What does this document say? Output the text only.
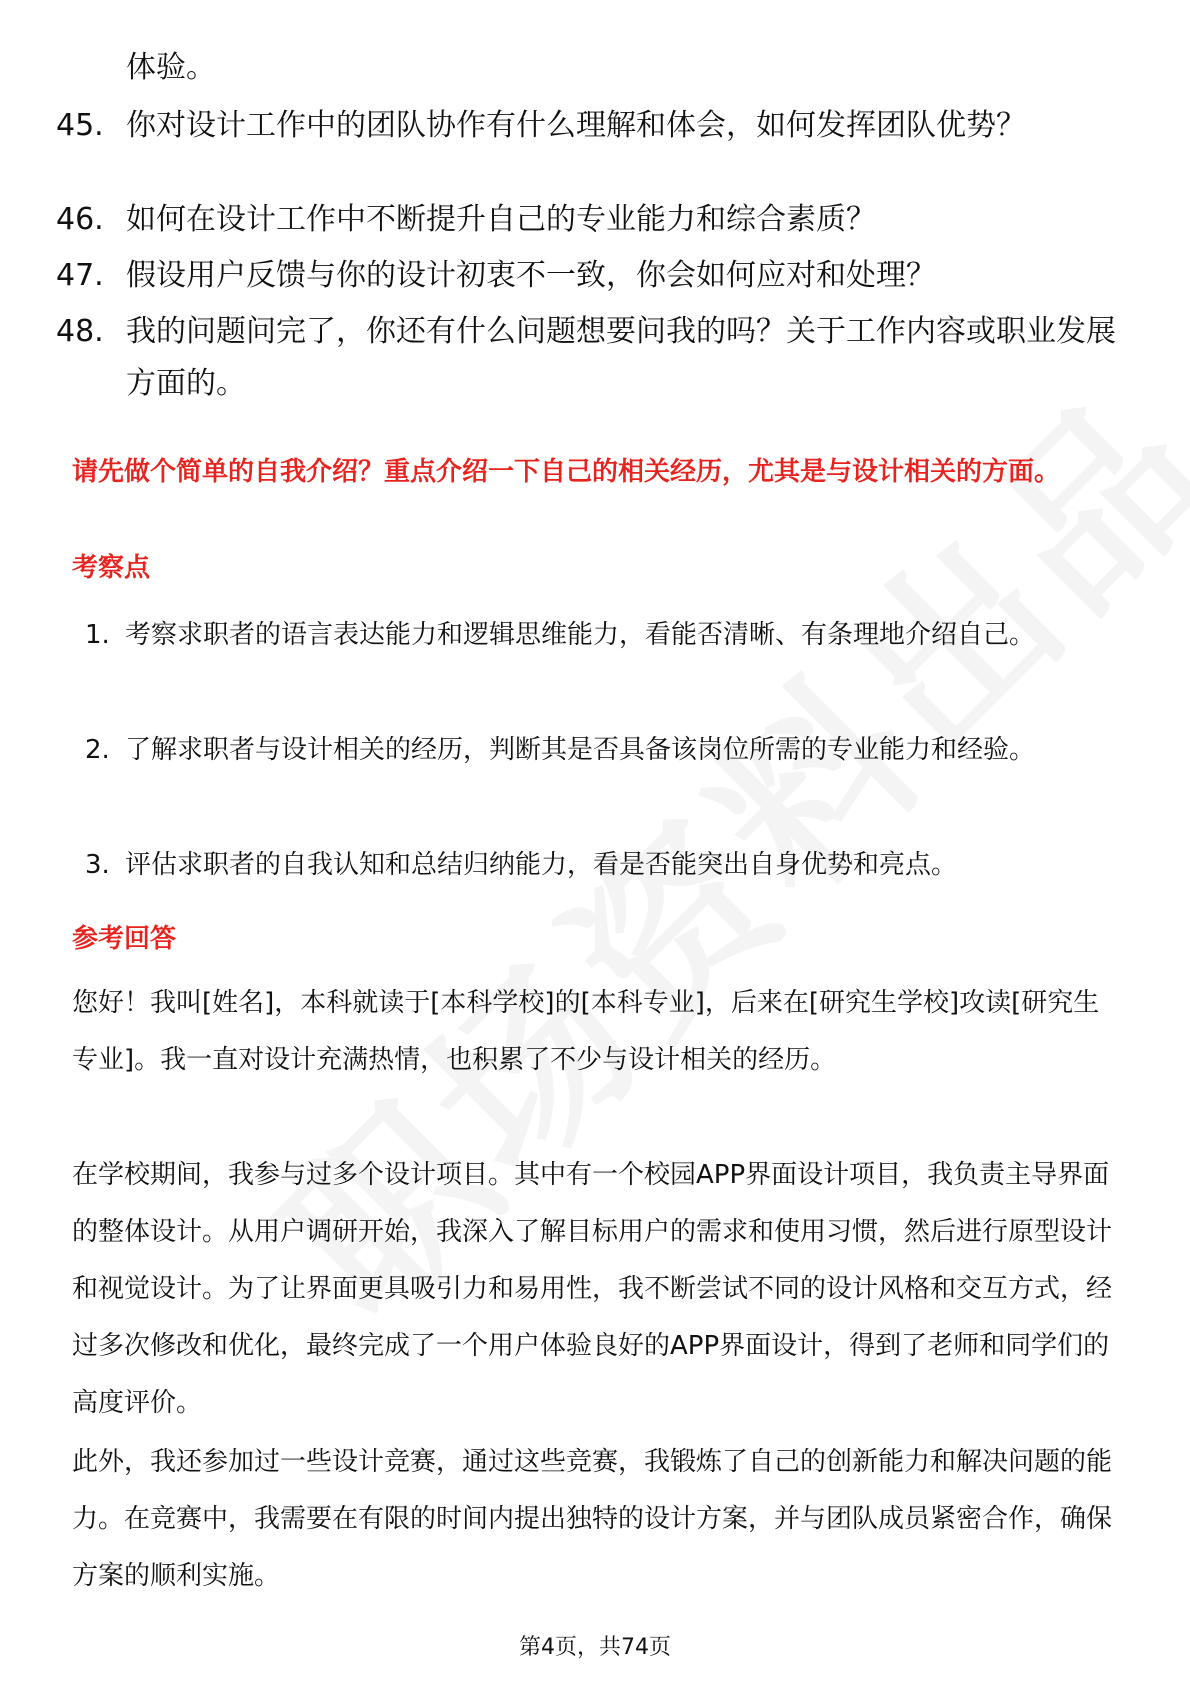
体验。
45. 你对设计工作中的团队协作有什么理解和体会，如何发挥团队优势？
46. 如何在设计工作中不断提升自己的专业能力和综合素质？
47. 假设用户反馈与你的设计初衷不一致，你会如何应对和处理？
48. 我的问题问完了，你还有什么问题想要问我的吗？关于工作内容或职业发展方面的。
请先做个简单的自我介绍？重点介绍一下自己的相关经历，尤其是与设计相关的方面。
考察点
1. 考察求职者的语言表达能力和逻辑思维能力，看能否清晰、有条理地介绍自己。
2. 了解求职者与设计相关的经历，判断其是否具备该岗位所需的专业能力和经验。
3. 评估求职者的自我认知和总结归纳能力，看是否能突出自身优势和亮点。
参考回答
您好！我叫[姓名]，本科就读于[本科学校]的[本科专业]，后来在[研究生学校]攻读[研究生专业]。我一直对设计充满热情，也积累了不少与设计相关的经历。
在学校期间，我参与过多个设计项目。其中有一个校园APP界面设计项目，我负责主导界面的整体设计。从用户调研开始，我深入了解目标用户的需求和使用习惯，然后进行原型设计和视觉设计。为了让界面更具吸引力和易用性，我不断尝试不同的设计风格和交互方式，经过多次修改和优化，最终完成了一个用户体验良好的APP界面设计，得到了老师和同学们的高度评价。
此外，我还参加过一些设计竞赛，通过这些竞赛，我锻炼了自己的创新能力和解决问题的能力。在竞赛中，我需要在有限的时间内提出独特的设计方案，并与团队成员紧密合作，确保方案的顺利实施。
第4页，共74页
